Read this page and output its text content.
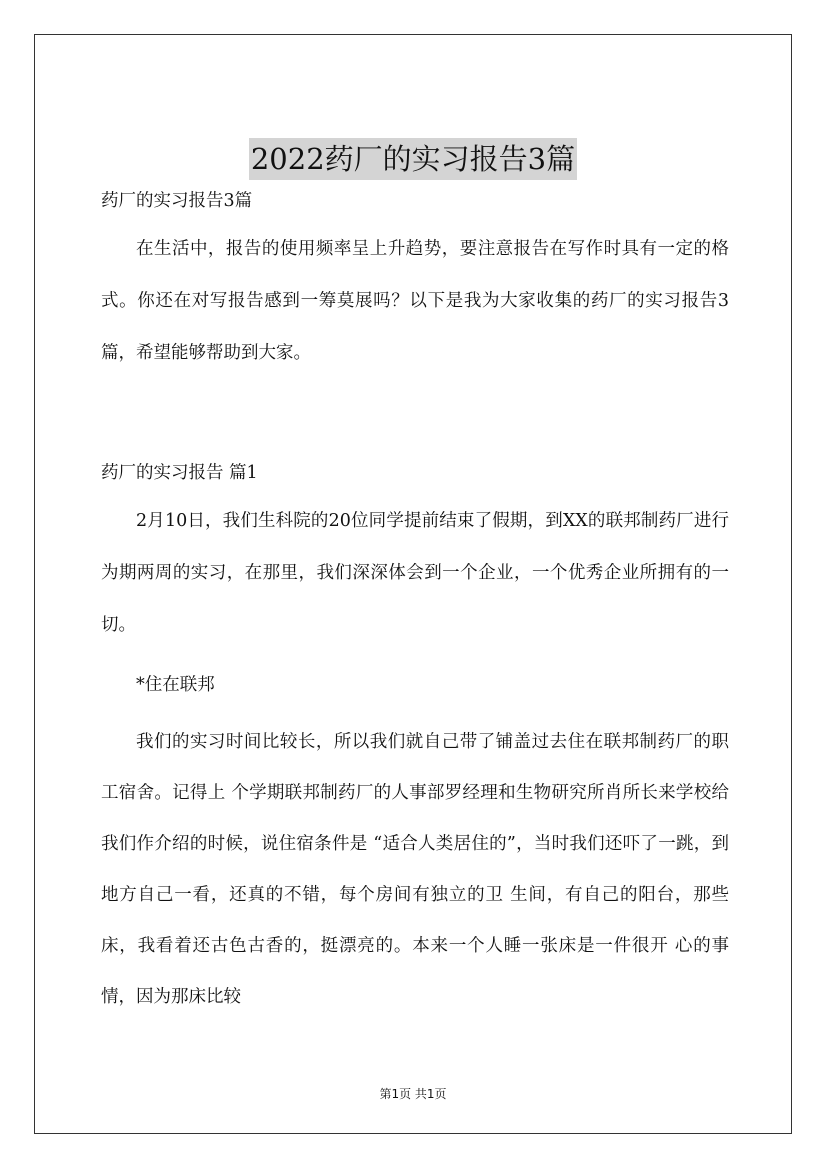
2022药厂的实习报告3篇

药厂的实习报告3篇

在生活中，报告的使用频率呈上升趋势，要注意报告在写作时具有一定的格式。你还在对写报告感到一筹莫展吗？以下是我为大家收集的药厂的实习报告3篇，希望能够帮助到大家。

药厂的实习报告 篇1

2月10日，我们生科院的20位同学提前结束了假期，到XX的联邦制药厂进行为期两周的实习，在那里，我们深深体会到一个企业，一个优秀企业所拥有的一切。

*住在联邦

我们的实习时间比较长，所以我们就自己带了铺盖过去住在联邦制药厂的职工宿舍。记得上 个学期联邦制药厂的人事部罗经理和生物研究所肖所长来学校给我们作介绍的时候，说住宿条件是 “适合人类居住的”，当时我们还吓了一跳，到地方自己一看，还真的不错，每个房间有独立的卫 生间，有自己的阳台，那些床，我看着还古色古香的，挺漂亮的。本来一个人睡一张床是一件很开 心的事情，因为那床比较

第1页 共1页
